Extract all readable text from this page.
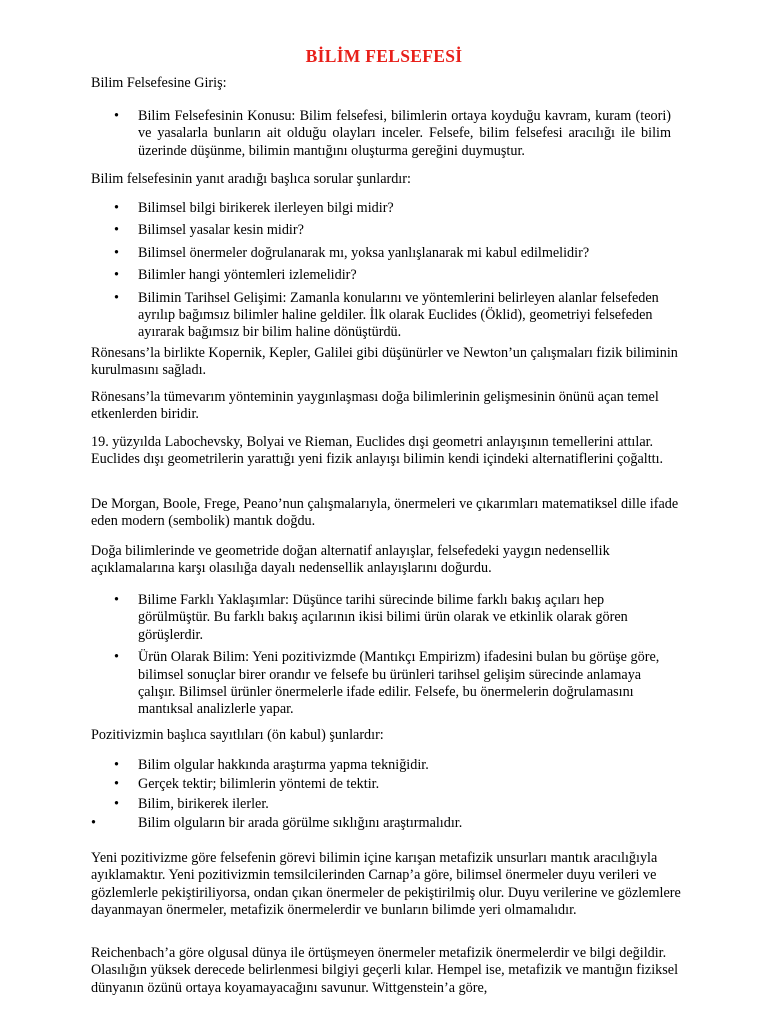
BİLİM FELSEFESİ

Bilim Felsefesine Giriş:

• Bilim Felsefesinin Konusu: Bilim felsefesi, bilimlerin ortaya koyduğu kavram, kuram (teori) ve yasalarla bunların ait olduğu olayları inceler. Felsefe, bilim felsefesi aracılığı ile bilim üzerinde düşünme, bilimin mantığını oluşturma gereğini duymuştur.

Bilim felsefesinin yanıt aradığı başlıca sorular şunlardır:

• Bilimsel bilgi birikerek ilerleyen bilgi midir?
• Bilimsel yasalar kesin midir?
• Bilimsel önermeler doğrulanarak mı, yoksa yanlışlanarak mi kabul edilmelidir?
• Bilimler hangi yöntemleri izlemelidir?
• Bilimin Tarihsel Gelişimi: Zamanla konularını ve yöntemlerini belirleyen alanlar felsefeden ayrılıp bağımsız bilimler haline geldiler. İlk olarak Euclides (Öklid), geometriyi felsefeden ayırarak bağımsız bir bilim haline dönüştürdü.

Rönesans’la birlikte Kopernik, Kepler, Galilei gibi düşünürler ve Newton’un çalışmaları fizik biliminin kurulmasını sağladı.

Rönesans’la tümevarım yönteminin yaygınlaşması doğa bilimlerinin gelişmesinin önünü açan temel etkenlerden biridir.

19. yüzyılda Labochevsky, Bolyai ve Rieman, Euclides dışi geometri anlayışının temellerini attılar. Euclides dışı geometrilerin yarattığı yeni fizik anlayışı bilimin kendi içindeki alternatiflerini çoğalttı.

De Morgan, Boole, Frege, Peano’nun çalışmalarıyla, önermeleri ve çıkarımları matematiksel dille ifade eden modern (sembolik) mantık doğdu.

Doğa bilimlerinde ve geometride doğan alternatif anlayışlar, felsefedeki yaygın nedensellik açıklamalarına karşı olasılığa dayalı nedensellik anlayışlarını doğurdu.

• Bilime Farklı Yaklaşımlar: Düşünce tarihi sürecinde bilime farklı bakış açıları hep görülmüştür. Bu farklı bakış açılarının ikisi bilimi ürün olarak ve etkinlik olarak gören görüşlerdir.
• Ürün Olarak Bilim: Yeni pozitivizmde (Mantıkçı Empirizm) ifadesini bulan bu görüşe göre, bilimsel sonuçlar birer orandır ve felsefe bu ürünleri tarihsel gelişim sürecinde anlamaya çalışır. Bilimsel ürünler önermelerle ifade edilir. Felsefe, bu önermelerin doğrulamasını mantıksal analizlerle yapar.

Pozitivizmin başlıca sayıtlıları (ön kabul) şunlardır:

• Bilim olgular hakkında araştırma yapma tekniğidir.
• Gerçek tektir; bilimlerin yöntemi de tektir.
• Bilim, birikerek ilerler.
•	Bilim olguların bir arada görülme sıklığını araştırmalıdır.

Yeni pozitivizme göre felsefenin görevi bilimin içine karışan metafizik unsurları mantık aracılığıyla ayıklamaktır. Yeni pozitivizmin temsilcilerinden Carnap’a göre, bilimsel önermeler duyu verileri ve gözlemlerle pekiştiriliyorsa, ondan çıkan önermeler de pekiştirilmiş olur. Duyu verilerine ve gözlemlere dayanmayan önermeler, metafizik önermelerdir ve bunların bilimde yeri olmamalıdır.

Reichenbach’a göre olgusal dünya ile örtüşmeyen önermeler metafizik önermelerdir ve bilgi değildir. Olasılığın yüksek derecede belirlenmesi bilgiyi geçerli kılar. Hempel ise, metafizik ve mantığın fiziksel dünyanın özünü ortaya koyamayacağını savunur. Wittgenstein’a göre,
